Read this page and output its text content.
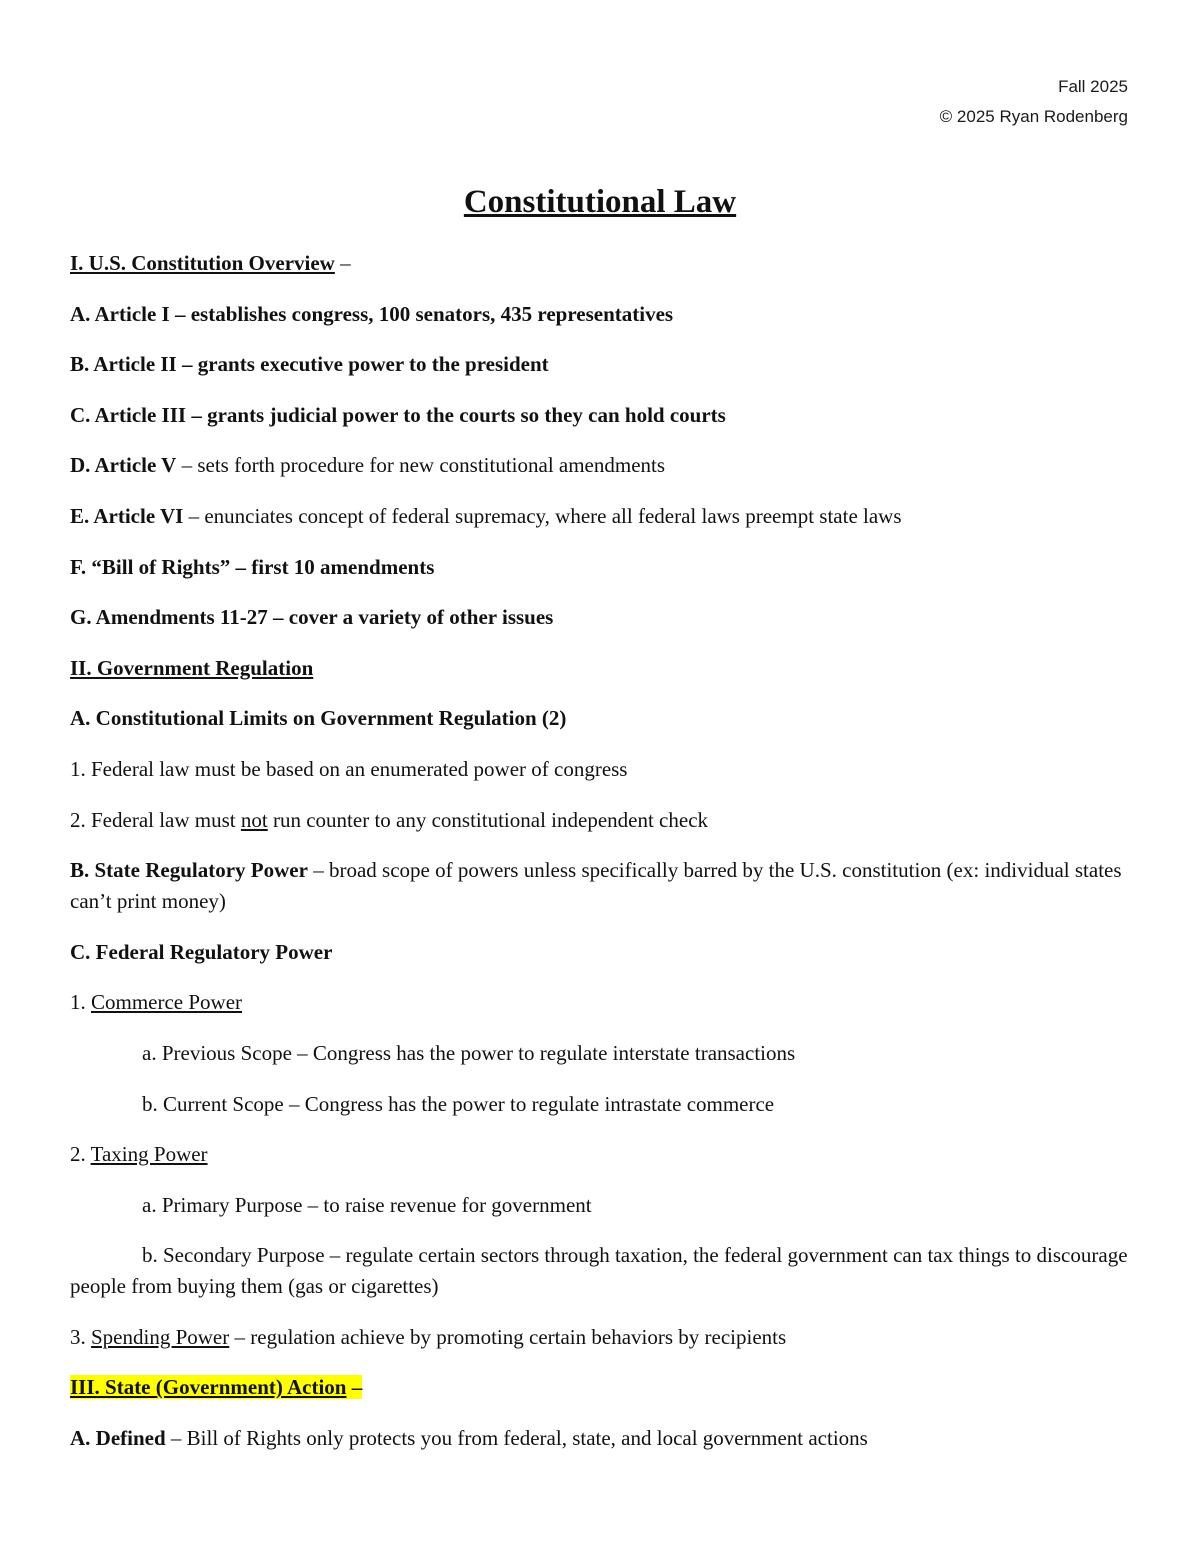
Fall 2025
© 2025 Ryan Rodenberg
Constitutional Law
I. U.S. Constitution Overview –
A. Article I – establishes congress, 100 senators, 435 representatives
B. Article II – grants executive power to the president
C. Article III – grants judicial power to the courts so they can hold courts
D. Article V – sets forth procedure for new constitutional amendments
E. Article VI – enunciates concept of federal supremacy, where all federal laws preempt state laws
F. “Bill of Rights” – first 10 amendments
G. Amendments 11-27 – cover a variety of other issues
II. Government Regulation
A. Constitutional Limits on Government Regulation (2)
1. Federal law must be based on an enumerated power of congress
2. Federal law must not run counter to any constitutional independent check
B. State Regulatory Power – broad scope of powers unless specifically barred by the U.S. constitution (ex: individual states can’t print money)
C. Federal Regulatory Power
1. Commerce Power
a. Previous Scope – Congress has the power to regulate interstate transactions
b. Current Scope – Congress has the power to regulate intrastate commerce
2. Taxing Power
a. Primary Purpose – to raise revenue for government
b. Secondary Purpose – regulate certain sectors through taxation, the federal government can tax things to discourage people from buying them (gas or cigarettes)
3. Spending Power – regulation achieve by promoting certain behaviors by recipients
III. State (Government) Action –
A. Defined – Bill of Rights only protects you from federal, state, and local government actions
